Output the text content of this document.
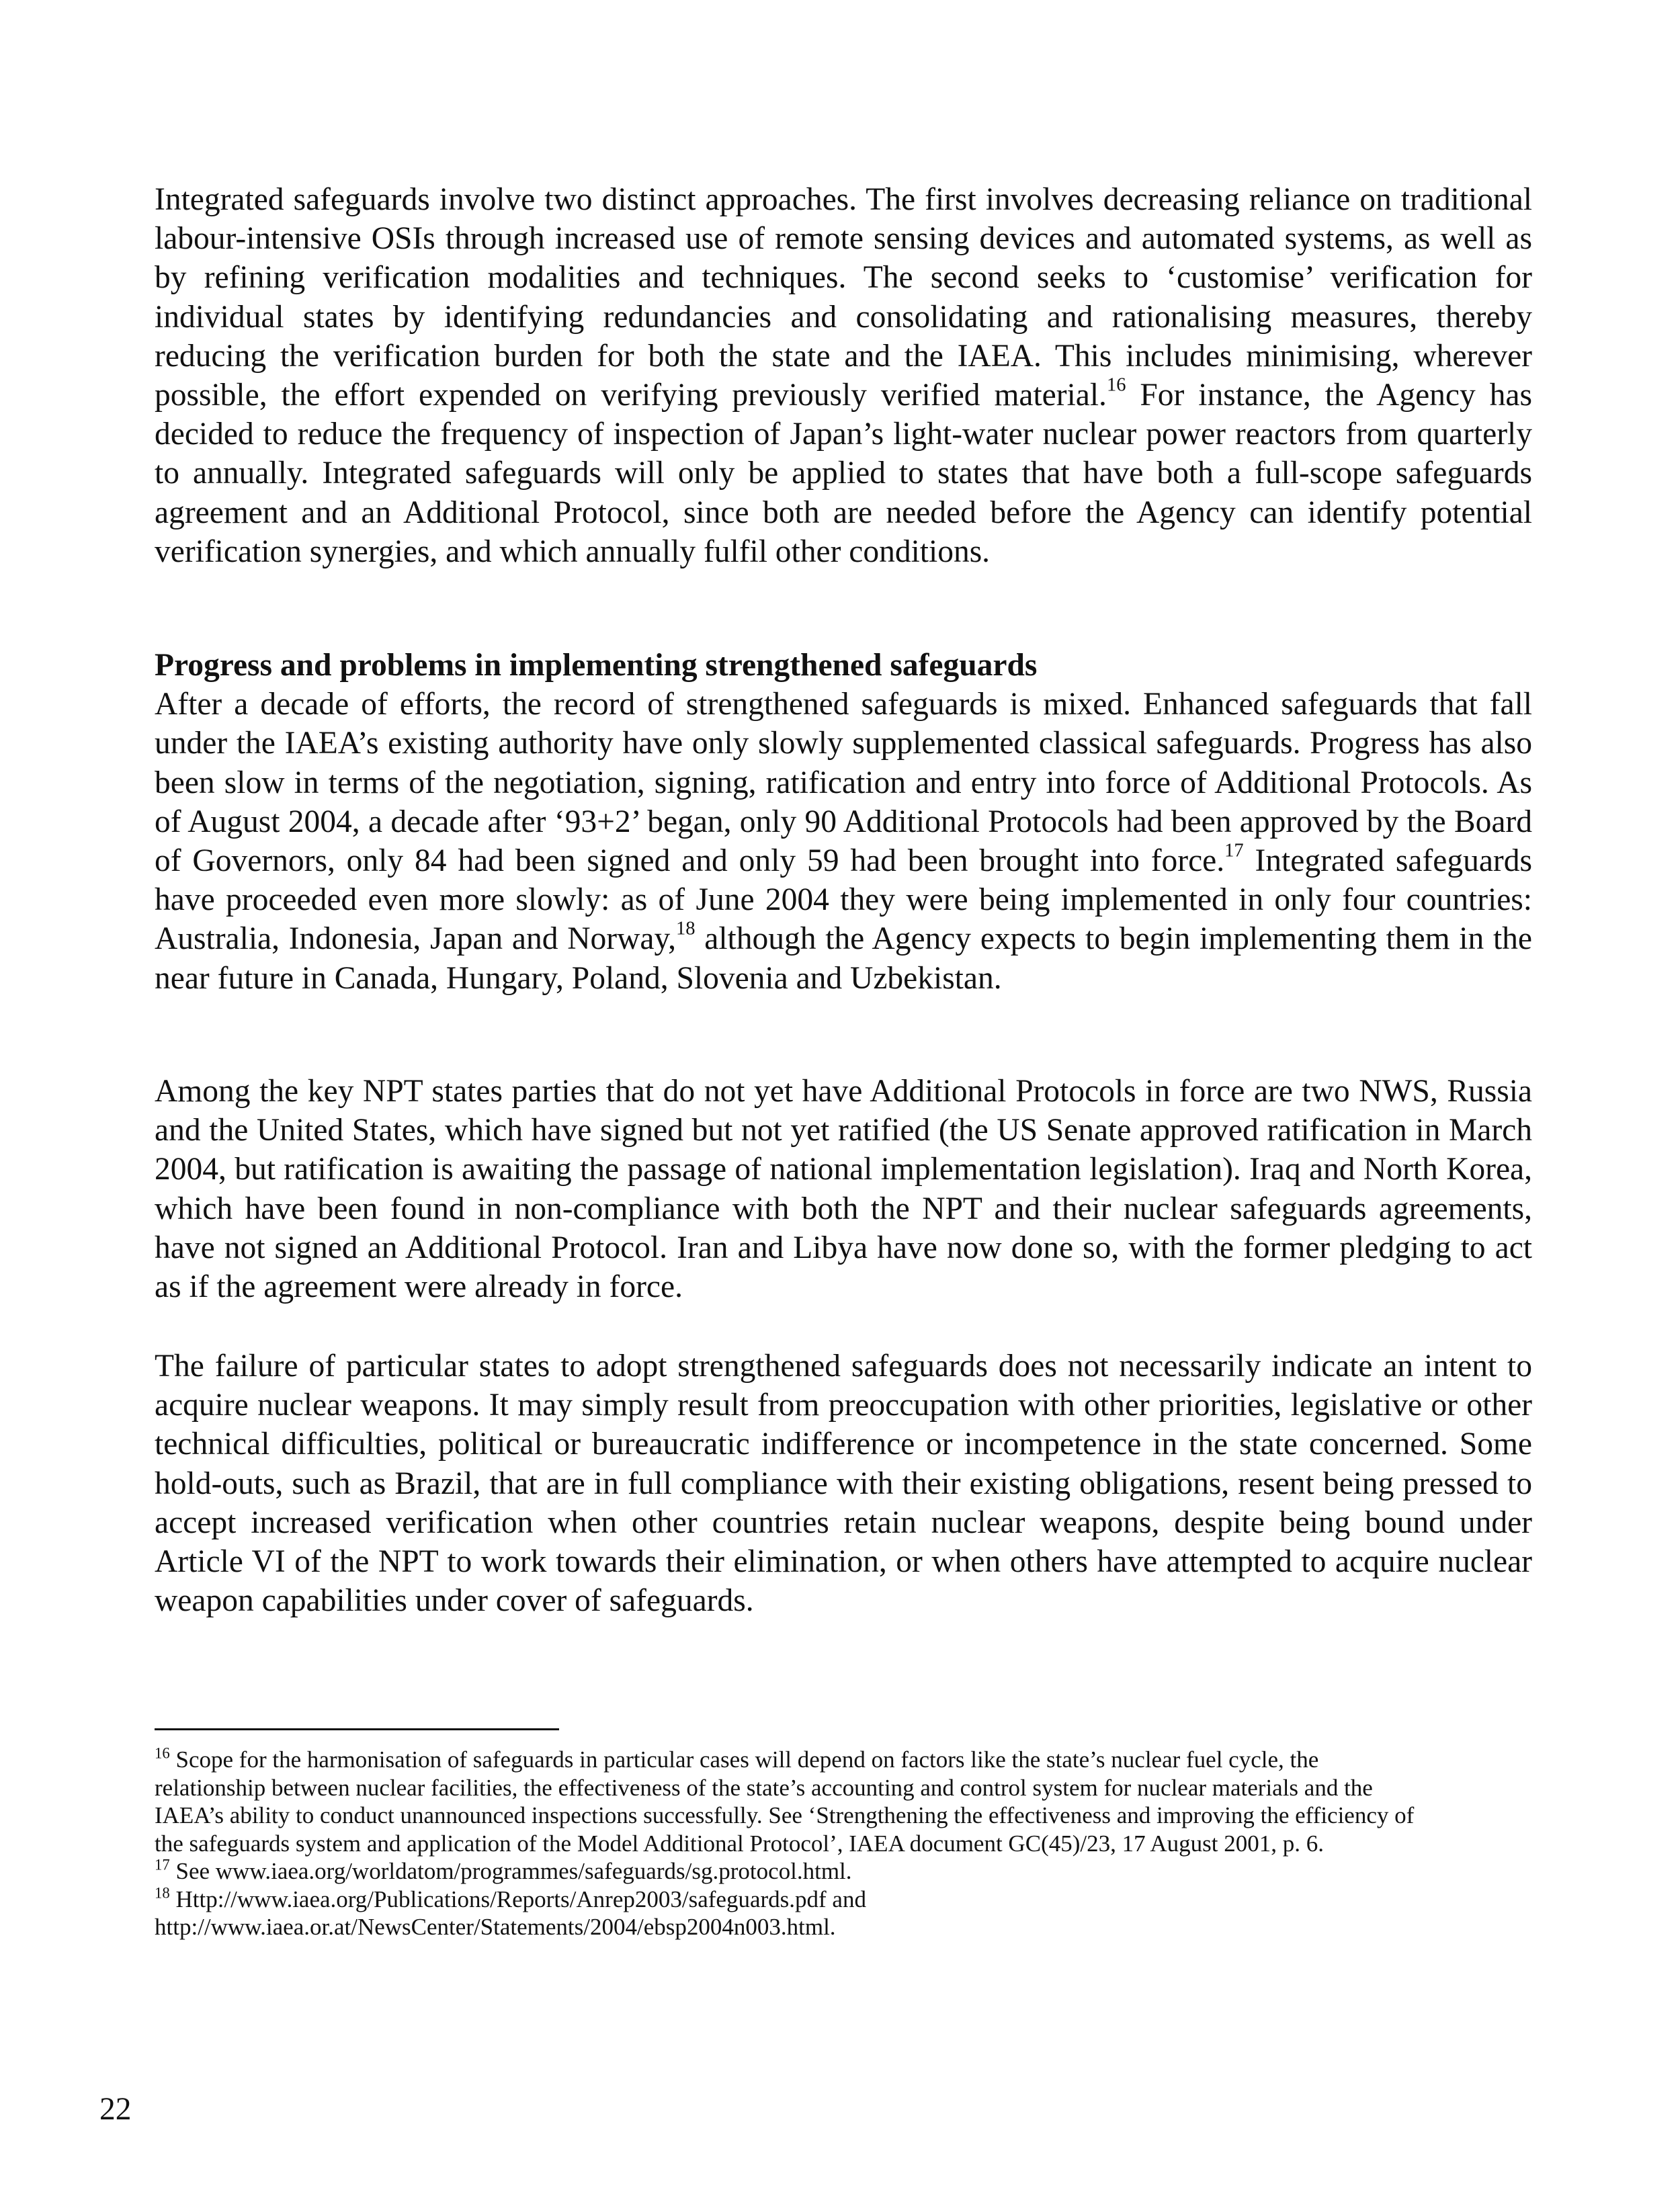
Integrated safeguards involve two distinct approaches. The first involves decreasing reliance on traditional labour-intensive OSIs through increased use of remote sensing devices and automated systems, as well as by refining verification modalities and techniques. The second seeks to ‘customise’ verification for individual states by identifying redundancies and consolidating and rationalising measures, thereby reducing the verification burden for both the state and the IAEA. This includes minimising, wherever possible, the effort expended on verifying previously verified material.$^{16}$ For instance, the Agency has decided to reduce the frequency of inspection of Japan’s light-water nuclear power reactors from quarterly to annually. Integrated safeguards will only be applied to states that have both a full-scope safeguards agreement and an Additional Protocol, since both are needed before the Agency can identify potential verification synergies, and which annually fulfil other conditions.

Progress and problems in implementing strengthened safeguards

After a decade of efforts, the record of strengthened safeguards is mixed. Enhanced safeguards that fall under the IAEA’s existing authority have only slowly supplemented classical safeguards. Progress has also been slow in terms of the negotiation, signing, ratification and entry into force of Additional Protocols. As of August 2004, a decade after ‘93+2’ began, only 90 Additional Protocols had been approved by the Board of Governors, only 84 had been signed and only 59 had been brought into force.$^{17}$ Integrated safeguards have proceeded even more slowly: as of June 2004 they were being implemented in only four countries: Australia, Indonesia, Japan and Norway,$^{18}$ although the Agency expects to begin implementing them in the near future in Canada, Hungary, Poland, Slovenia and Uzbekistan.

Among the key NPT states parties that do not yet have Additional Protocols in force are two NWS, Russia and the United States, which have signed but not yet ratified (the US Senate approved ratification in March 2004, but ratification is awaiting the passage of national implementation legislation). Iraq and North Korea, which have been found in non-compliance with both the NPT and their nuclear safeguards agreements, have not signed an Additional Protocol. Iran and Libya have now done so, with the former pledging to act as if the agreement were already in force.

The failure of particular states to adopt strengthened safeguards does not necessarily indicate an intent to acquire nuclear weapons. It may simply result from preoccupation with other priorities, legislative or other technical difficulties, political or bureaucratic indifference or incompetence in the state concerned. Some hold-outs, such as Brazil, that are in full compliance with their existing obligations, resent being pressed to accept increased verification when other countries retain nuclear weapons, despite being bound under Article VI of the NPT to work towards their elimination, or when others have attempted to acquire nuclear weapon capabilities under cover of safeguards.

$^{16}$ Scope for the harmonisation of safeguards in particular cases will depend on factors like the state’s nuclear fuel cycle, the relationship between nuclear facilities, the effectiveness of the state’s accounting and control system for nuclear materials and the IAEA’s ability to conduct unannounced inspections successfully. See ‘Strengthening the effectiveness and improving the efficiency of the safeguards system and application of the Model Additional Protocol’, IAEA document GC(45)/23, 17 August 2001, p. 6.

$^{17}$ See www.iaea.org/worldatom/programmes/safeguards/sg.protocol.html.

$^{18}$ Http://www.iaea.org/Publications/Reports/Anrep2003/safeguards.pdf and http://www.iaea.or.at/NewsCenter/Statements/2004/ebsp2004n003.html.

22
